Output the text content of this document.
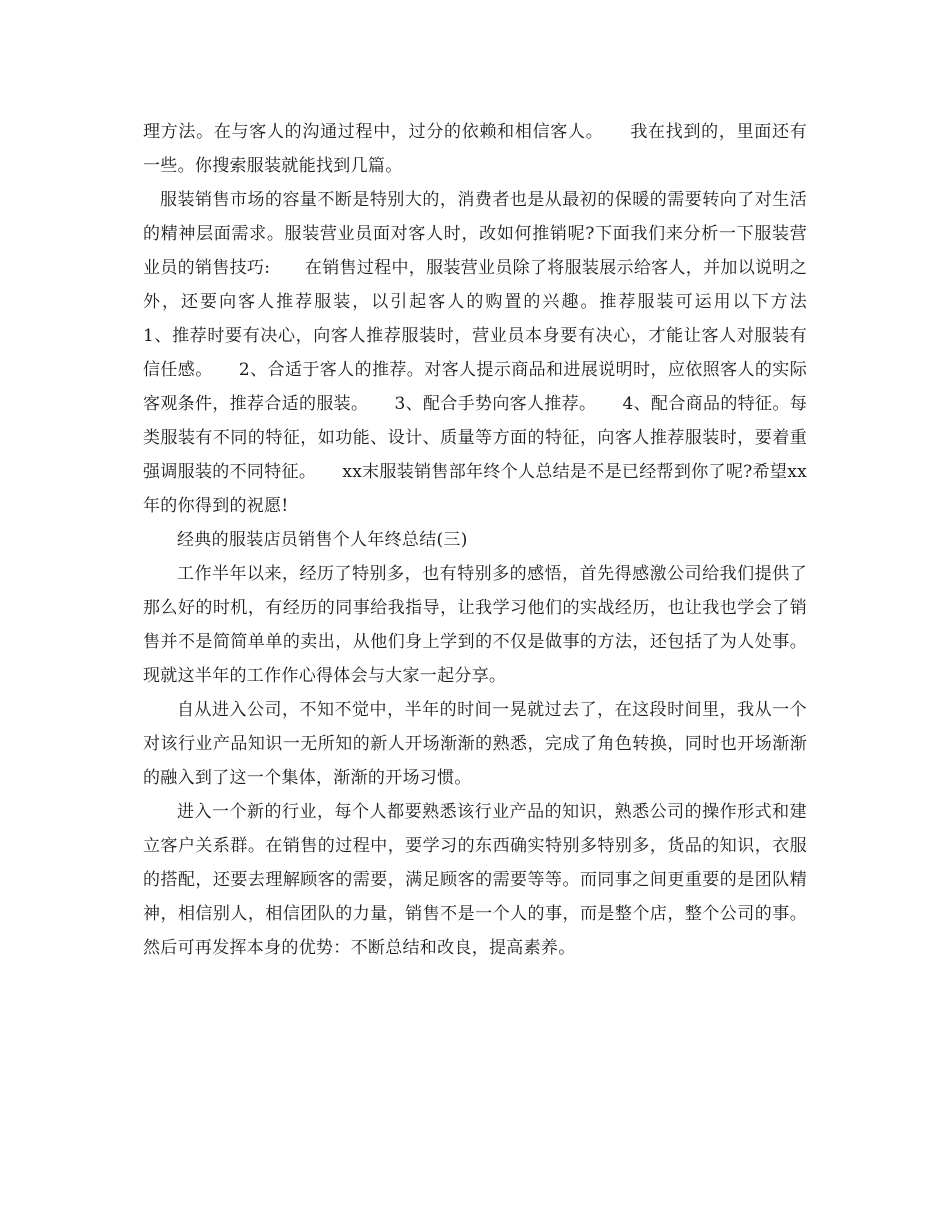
理方法。在与客人的沟通过程中，过分的依赖和相信客人。　　我在找到的，里面还有一些。你搜索服装就能找到几篇。

服装销售市场的容量不断是特别大的，消费者也是从最初的保暖的需要转向了对生活的精神层面需求。服装营业员面对客人时，改如何推销呢?下面我们来分析一下服装营业员的销售技巧:　　在销售过程中，服装营业员除了将服装展示给客人，并加以说明之外，还要向客人推荐服装，以引起客人的购置的兴趣。推荐服装可运用以下方法　　1、推荐时要有决心，向客人推荐服装时，营业员本身要有决心，才能让客人对服装有信任感。　　2、合适于客人的推荐。对客人提示商品和进展说明时，应依照客人的实际客观条件，推荐合适的服装。　　3、配合手势向客人推荐。　　4、配合商品的特征。每类服装有不同的特征，如功能、设计、质量等方面的特征，向客人推荐服装时，要着重强调服装的不同特征。　　xx末服装销售部年终个人总结是不是已经帮到你了呢?希望xx年的你得到的祝愿!

经典的服装店员销售个人年终总结(三)

工作半年以来，经历了特别多，也有特别多的感悟，首先得感激公司给我们提供了那么好的时机，有经历的同事给我指导，让我学习他们的实战经历，也让我也学会了销售并不是简简单单的卖出，从他们身上学到的不仅是做事的方法，还包括了为人处事。现就这半年的工作作心得体会与大家一起分享。

自从进入公司，不知不觉中，半年的时间一晃就过去了，在这段时间里，我从一个对该行业产品知识一无所知的新人开场渐渐的熟悉，完成了角色转换，同时也开场渐渐的融入到了这一个集体，渐渐的开场习惯。

进入一个新的行业，每个人都要熟悉该行业产品的知识，熟悉公司的操作形式和建立客户关系群。在销售的过程中，要学习的东西确实特别多特别多，货品的知识，衣服的搭配，还要去理解顾客的需要，满足顾客的需要等等。而同事之间更重要的是团队精神，相信别人，相信团队的力量，销售不是一个人的事，而是整个店，整个公司的事。然后可再发挥本身的优势：不断总结和改良，提高素养。
